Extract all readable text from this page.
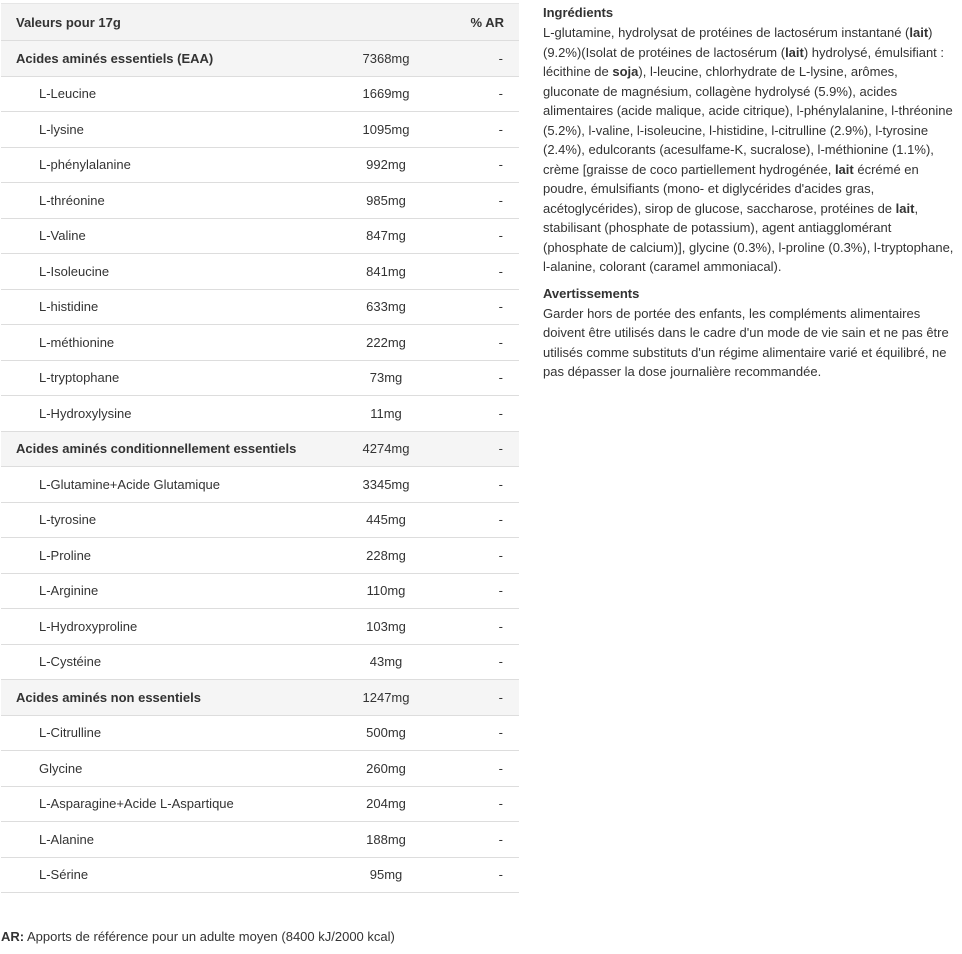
Valeurs pour 17g		% AR
Acides aminés essentiels (EAA)	7368mg	-
L-Leucine	1669mg	-
L-lysine	1095mg	-
L-phénylalanine	992mg	-
L-thréonine	985mg	-
L-Valine	847mg	-
L-Isoleucine	841mg	-
L-histidine	633mg	-
L-méthionine	222mg	-
L-tryptophane	73mg	-
L-Hydroxylysine	11mg	-
Acides aminés conditionnellement essentiels	4274mg	-
L-Glutamine+Acide Glutamique	3345mg	-
L-tyrosine	445mg	-
L-Proline	228mg	-
L-Arginine	110mg	-
L-Hydroxyproline	103mg	-
L-Cystéine	43mg	-
Acides aminés non essentiels	1247mg	-
L-Citrulline	500mg	-
Glycine	260mg	-
L-Asparagine+Acide L-Aspartique	204mg	-
L-Alanine	188mg	-
L-Sérine	95mg	-

AR: Apports de référence pour un adulte moyen (8400 kJ/2000 kcal)

Ingrédients

L-glutamine, hydrolysat de protéines de lactosérum instantané (lait) (9.2%)(Isolat de protéines de lactosérum (lait) hydrolysé, émulsifiant : lécithine de soja), l-leucine, chlorhydrate de L-lysine, arômes, gluconate de magnésium, collagène hydrolysé (5.9%), acides alimentaires (acide malique, acide citrique), l-phénylalanine, l-thréonine (5.2%), l-valine, l-isoleucine, l-histidine, l-citrulline (2.9%), l-tyrosine (2.4%), edulcorants (acesulfame-K, sucralose), l-méthionine (1.1%), crème [graisse de coco partiellement hydrogénée, lait écrémé en poudre, émulsifiants (mono- et diglycérides d'acides gras, acétoglycérides), sirop de glucose, saccharose, protéines de lait, stabilisant (phosphate de potassium), agent antiagglomérant (phosphate de calcium)], glycine (0.3%), l-proline (0.3%), l-tryptophane, l-alanine, colorant (caramel ammoniacal).

Avertissements

Garder hors de portée des enfants, les compléments alimentaires doivent être utilisés dans le cadre d'un mode de vie sain et ne pas être utilisés comme substituts d'un régime alimentaire varié et équilibré, ne pas dépasser la dose journalière recommandée.
